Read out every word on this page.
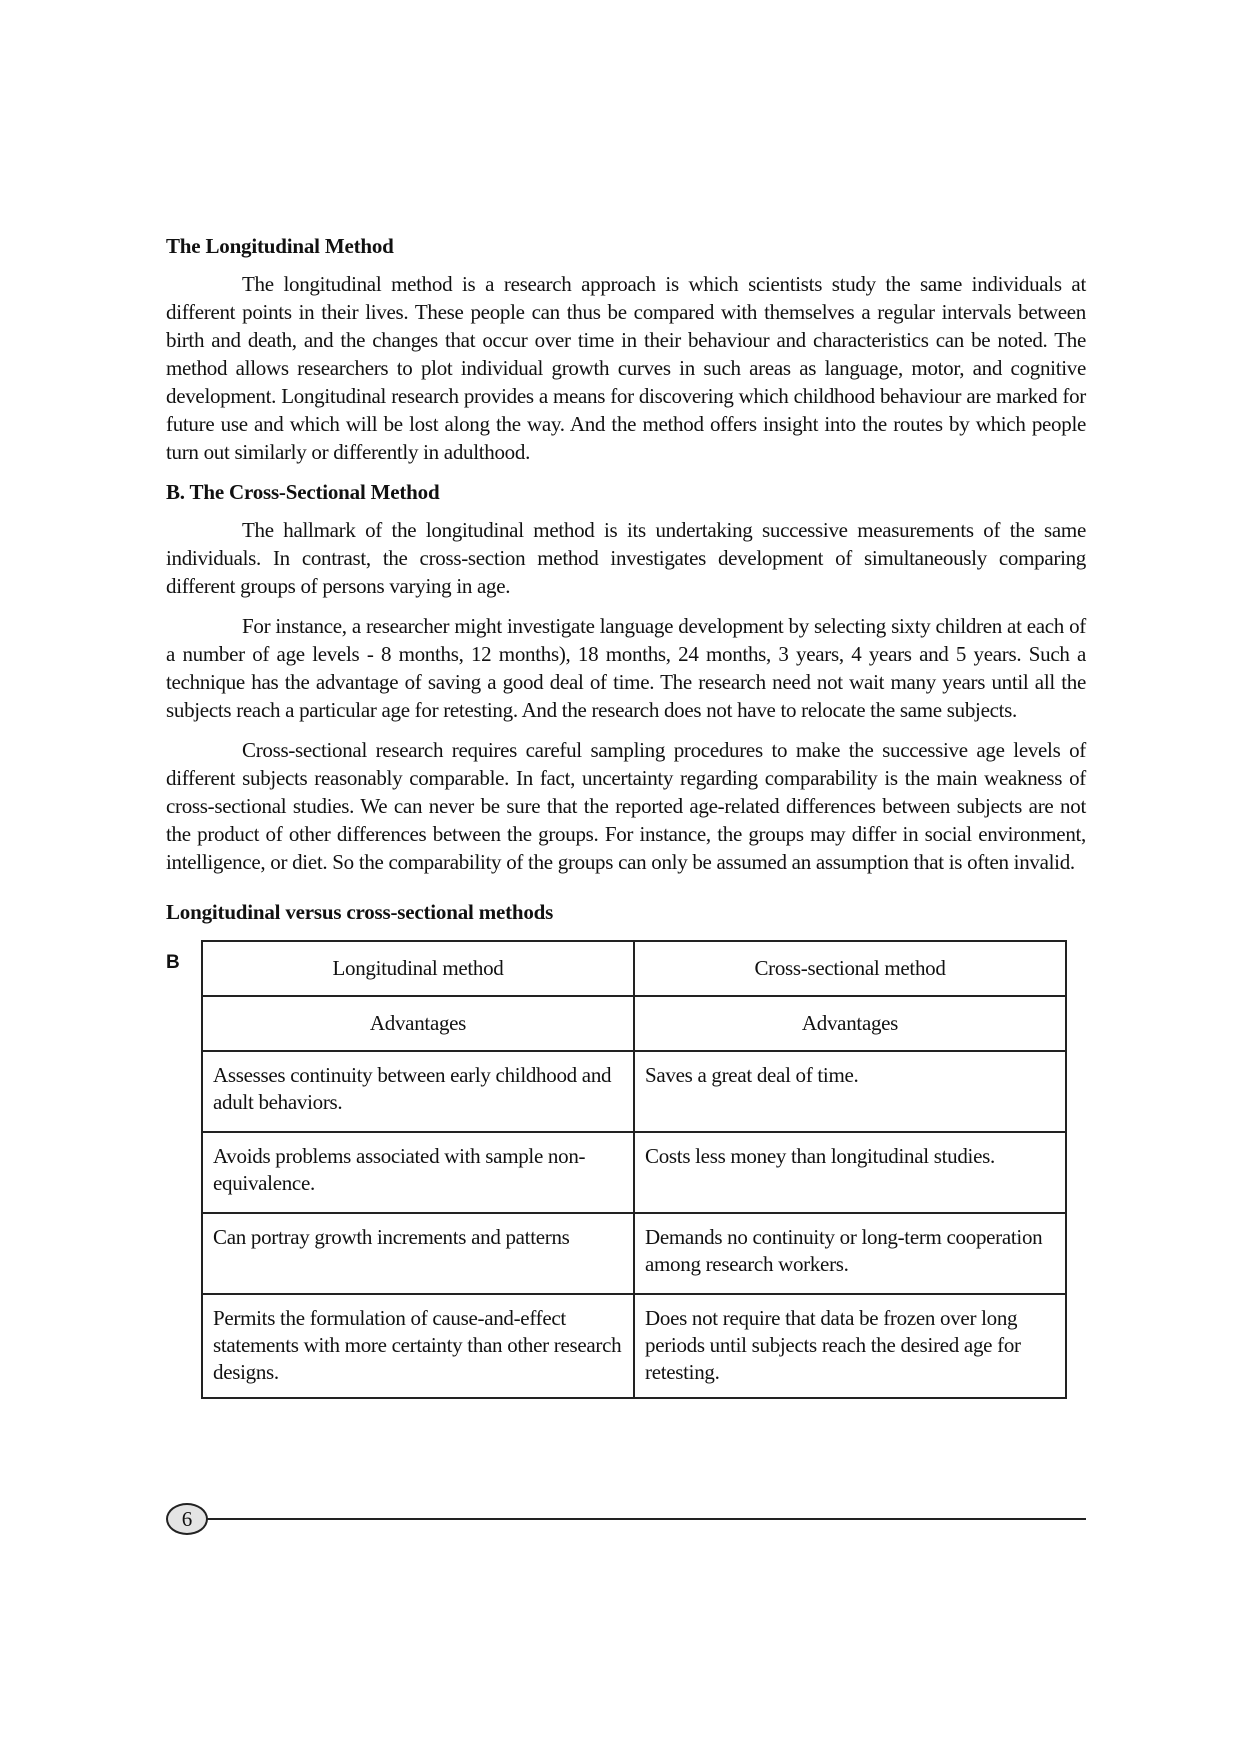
The Longitudinal Method

The longitudinal method is a research approach is which scientists study the same individuals at different points in their lives. These people can thus be compared with themselves a regular intervals between birth and death, and the changes that occur over time in their behaviour and characteristics can be noted. The method allows researchers to plot individual growth curves in such areas as language, motor, and cognitive development. Longitudinal research provides a means for discovering which childhood behaviour are marked for future use and which will be lost along the way. And the method offers insight into the routes by which people turn out similarly or differently in adulthood.

B. The Cross-Sectional Method

The hallmark of the longitudinal method is its undertaking successive measurements of the same individuals. In contrast, the cross-section method investigates development of simultaneously comparing different groups of persons varying in age.

For instance, a researcher might investigate language development by selecting sixty children at each of a number of age levels - 8 months, 12 months), 18 months, 24 months, 3 years, 4 years and 5 years. Such a technique has the advantage of saving a good deal of time. The research need not wait many years until all the subjects reach a particular age for retesting. And the research does not have to relocate the same subjects.

Cross-sectional research requires careful sampling procedures to make the successive age levels of different subjects reasonably comparable. In fact, uncertainty regarding comparability is the main weakness of cross-sectional studies. We can never be sure that the reported age-related differences between subjects are not the product of other differences between the groups. For instance, the groups may differ in social environment, intelligence, or diet. So the comparability of the groups can only be assumed an assumption that is often invalid.

Longitudinal versus cross-sectional methods
B	Longitudinal method	Cross-sectional method
Advantages	Advantages
Assesses continuity between early childhood and adult behaviors.	Saves a great deal of time.
Avoids problems associated with sample non-equivalence.	Costs less money than longitudinal studies.
Can portray growth increments and patterns	Demands no continuity or long-term cooperation among research workers.
Permits the formulation of cause-and-effect statements with more certainty than other research designs.	Does not require that data be frozen over long periods until subjects reach the desired age for retesting.
6
